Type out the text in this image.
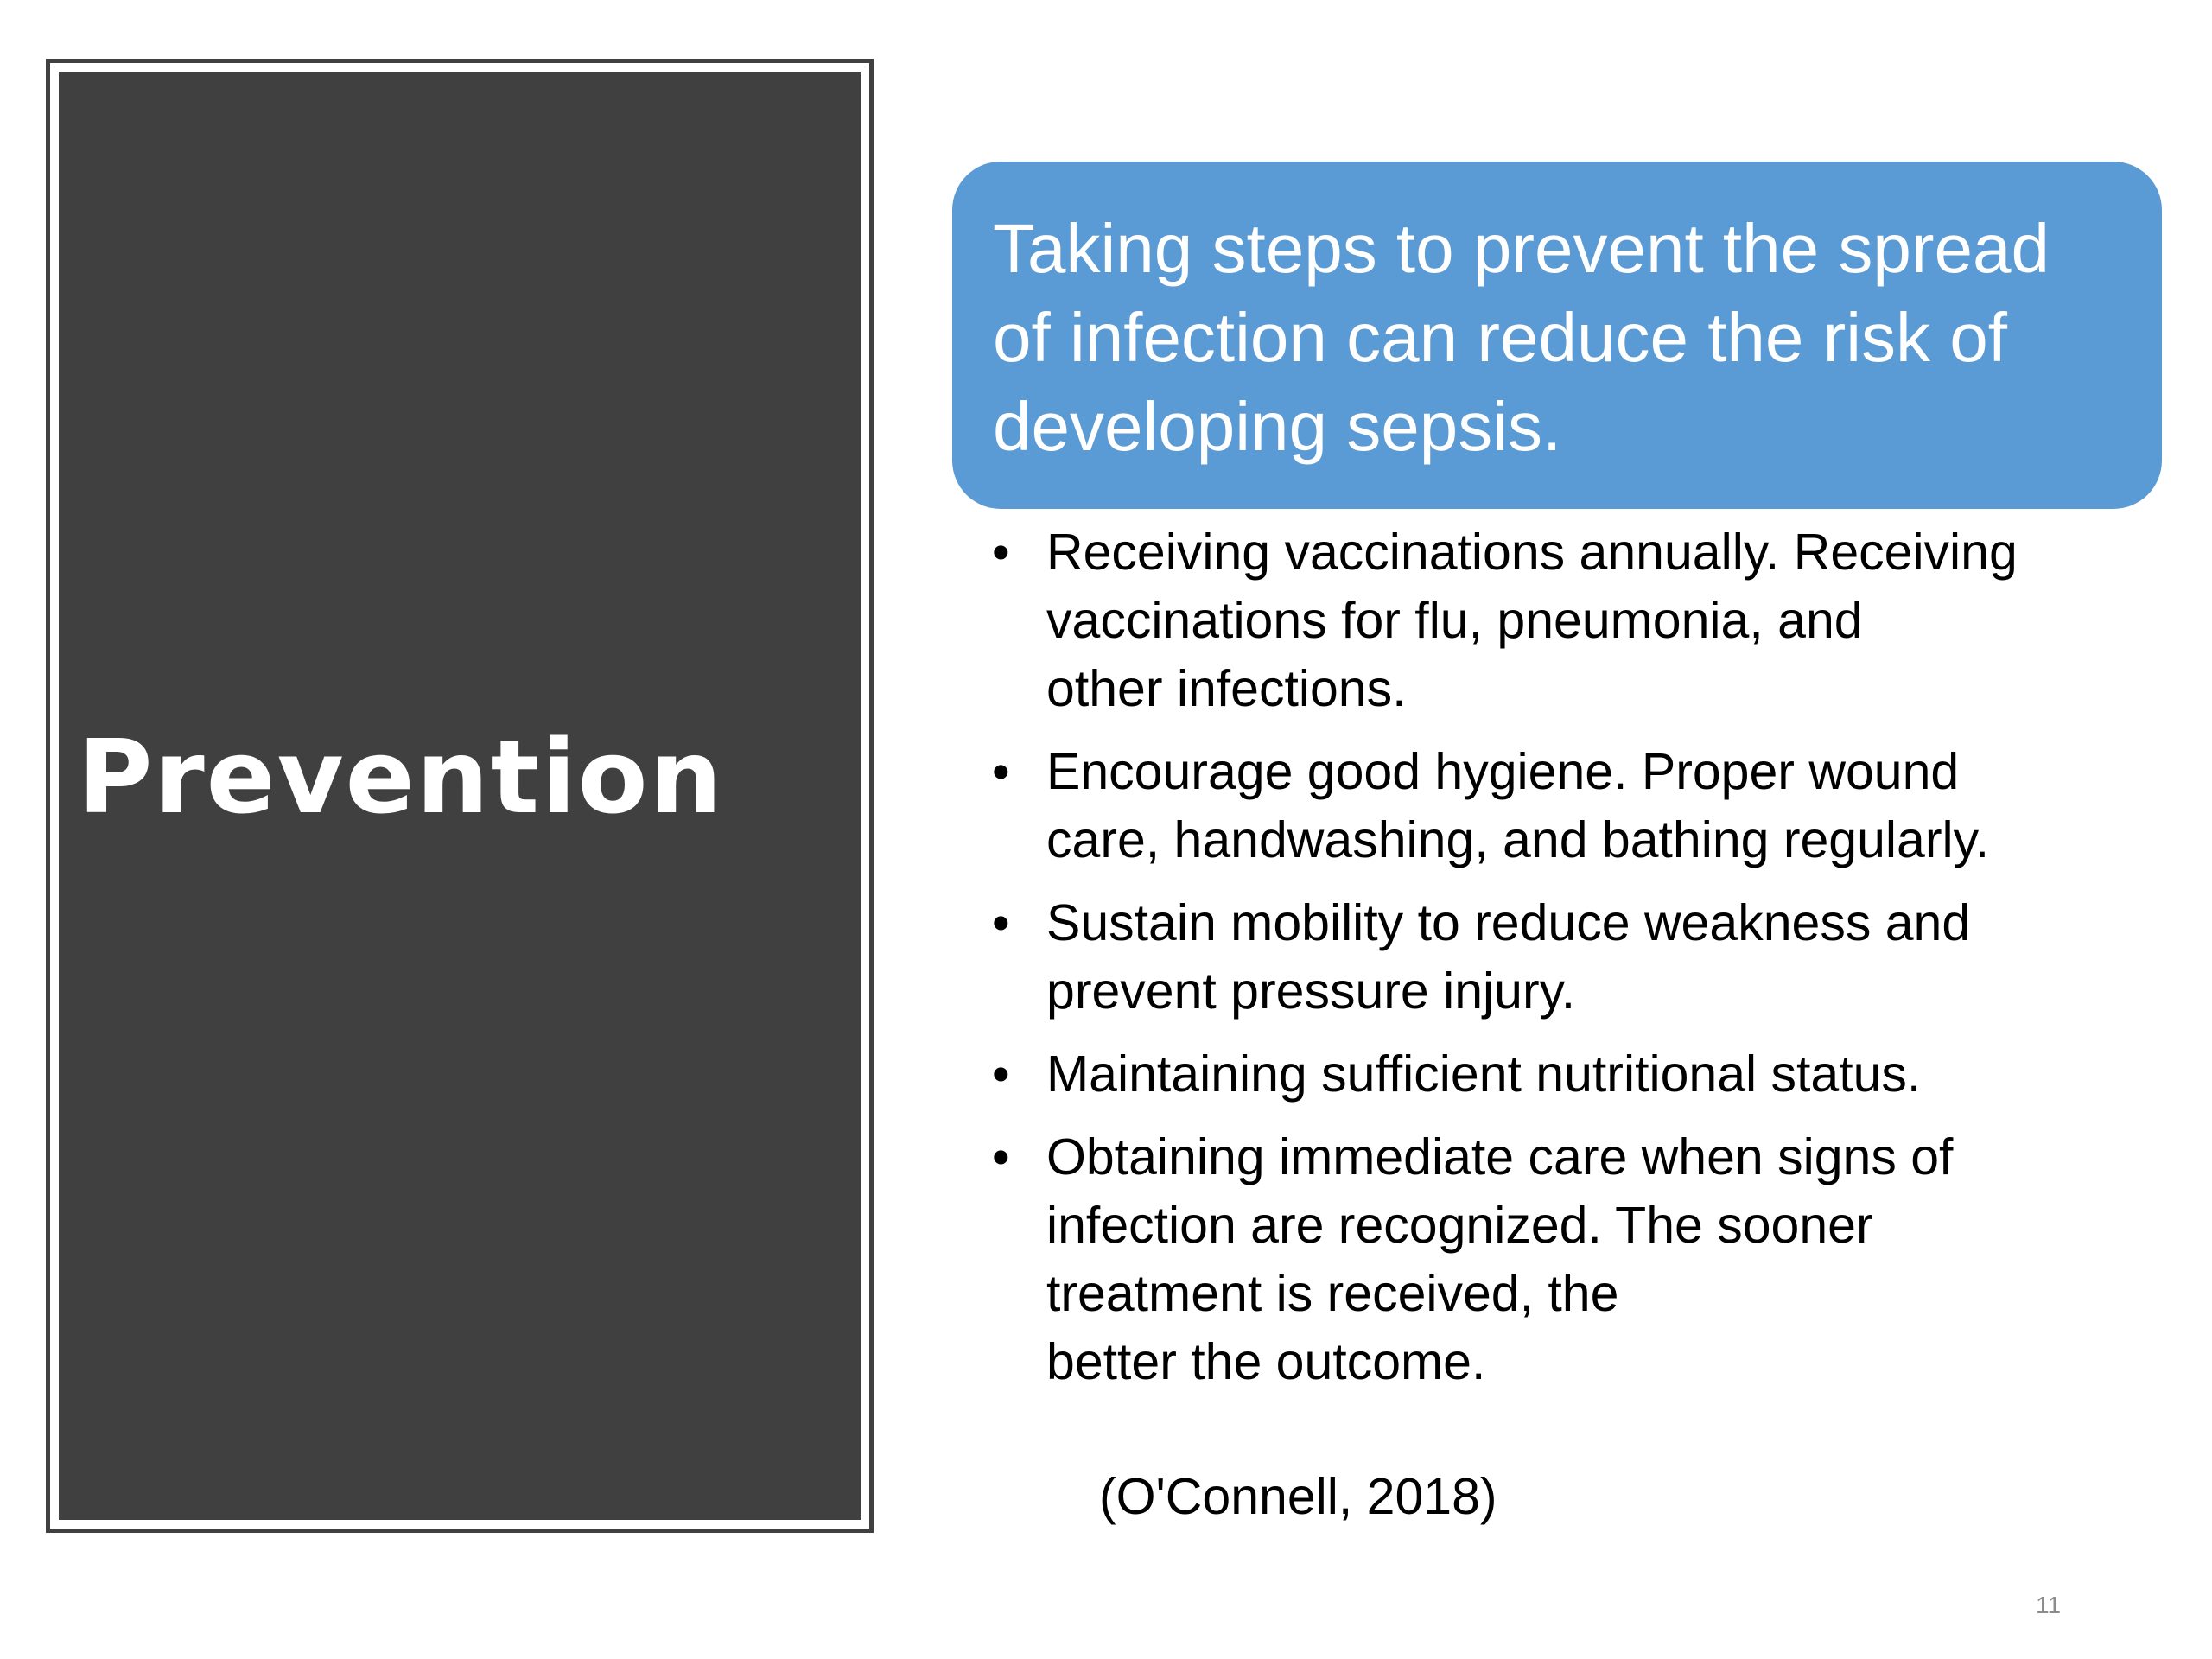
Prevention

Taking steps to prevent the spread
of infection can reduce the risk of
developing sepsis.

• Receiving vaccinations annually. Receiving
vaccinations for flu, pneumonia, and
other infections.
• Encourage good hygiene. Proper wound
care, handwashing, and bathing regularly.
• Sustain mobility to reduce weakness and
prevent pressure injury.
• Maintaining sufficient nutritional status.
• Obtaining immediate care when signs of
infection are recognized. The sooner
treatment is received, the
better the outcome.

(O'Connell, 2018)

11
